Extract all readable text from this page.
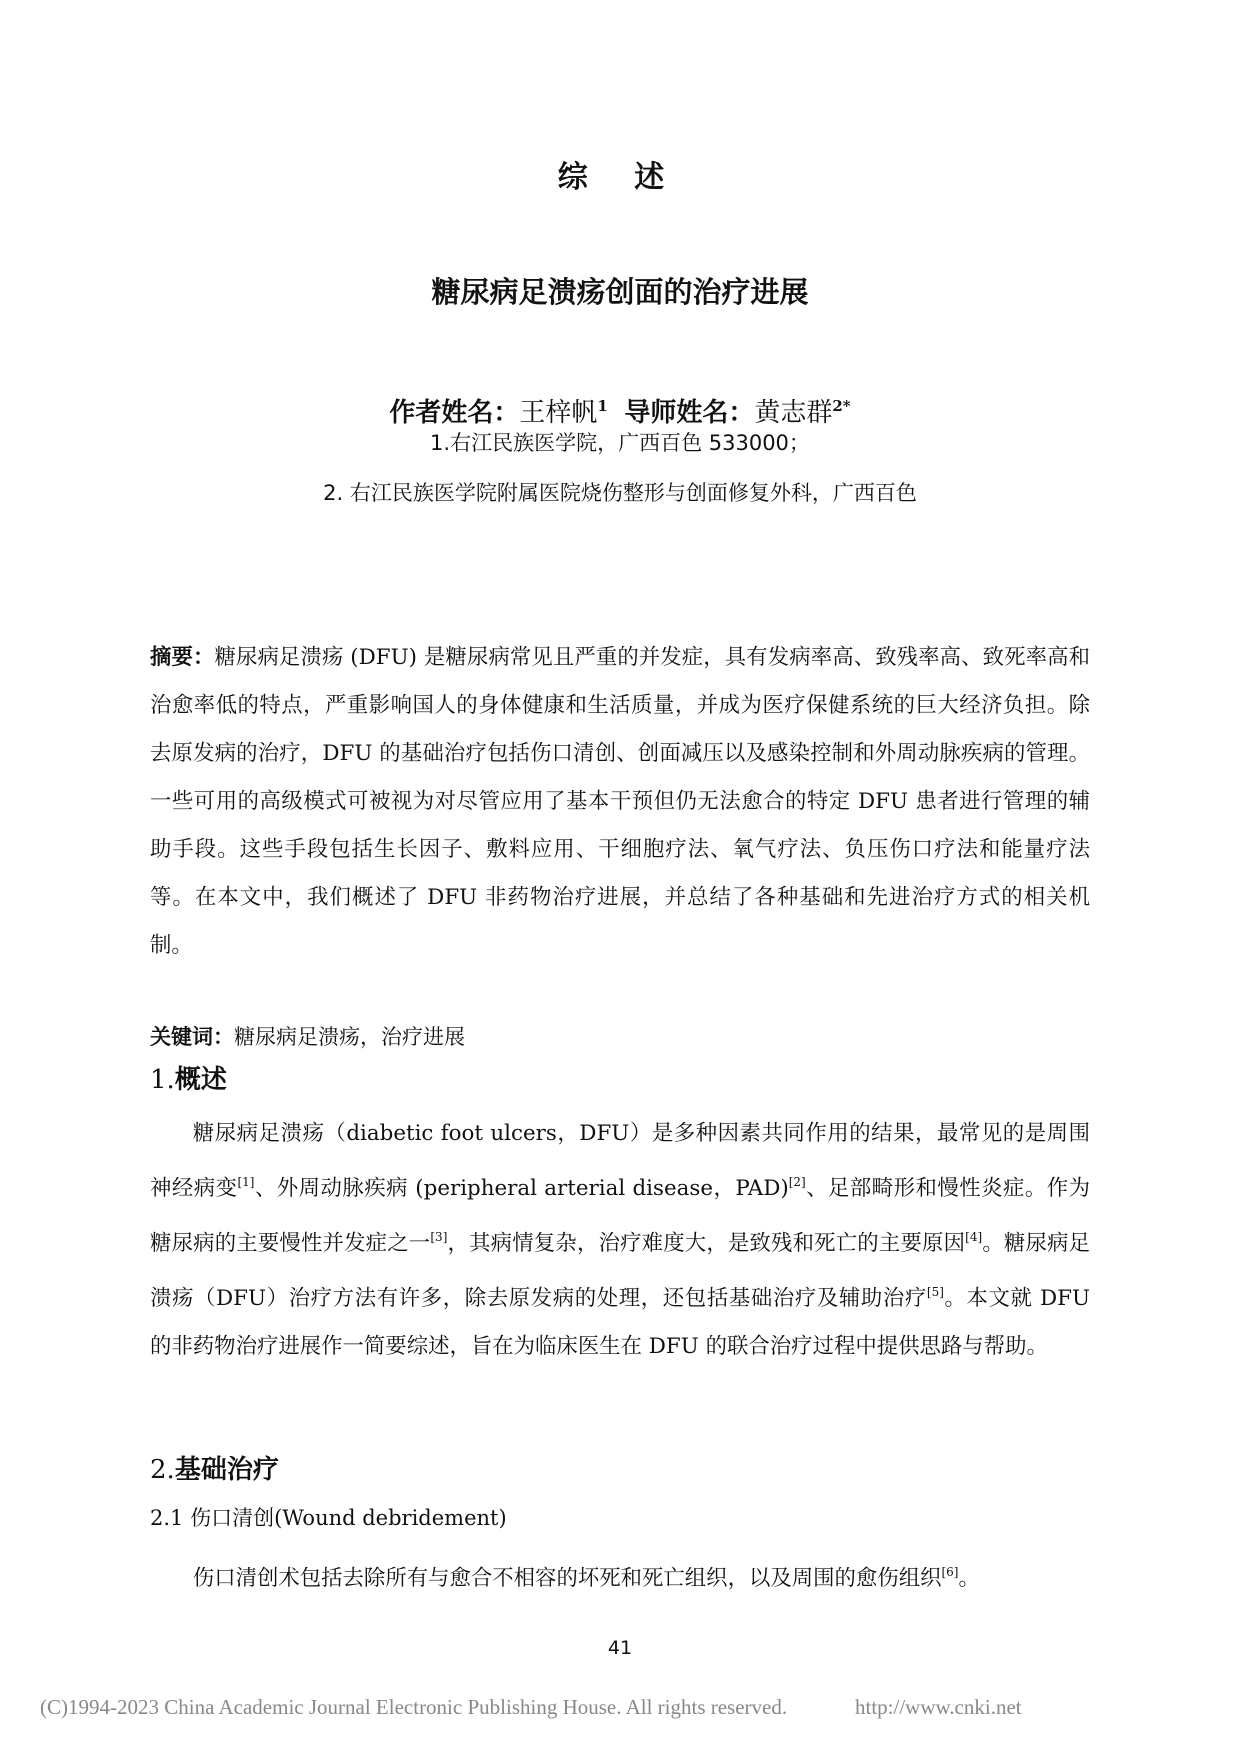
综 述
糖尿病足溃疡创面的治疗进展
作者姓名：王梓帆$^1$ 导师姓名：黄志群$^{2*}$
1.右江民族医学院，广西百色 533000；
2. 右江民族医学院附属医院烧伤整形与创面修复外科，广西百色
摘要：糖尿病足溃疡 (DFU) 是糖尿病常见且严重的并发症，具有发病率高、致残率高、致死率高和治愈率低的特点，严重影响国人的身体健康和生活质量，并成为医疗保健系统的巨大经济负担。除去原发病的治疗，DFU 的基础治疗包括伤口清创、创面减压以及感染控制和外周动脉疾病的管理。一些可用的高级模式可被视为对尽管应用了基本干预但仍无法愈合的特定 DFU 患者进行管理的辅助手段。这些手段包括生长因子、敷料应用、干细胞疗法、氧气疗法、负压伤口疗法和能量疗法等。在本文中，我们概述了 DFU 非药物治疗进展，并总结了各种基础和先进治疗方式的相关机制。
关键词：糖尿病足溃疡，治疗进展
1.概述
糖尿病足溃疡（diabetic foot ulcers，DFU）是多种因素共同作用的结果，最常见的是周围神经病变[1]、外周动脉疾病 (peripheral arterial disease，PAD)[2]、足部畸形和慢性炎症。作为糖尿病的主要慢性并发症之一[3]，其病情复杂，治疗难度大，是致残和死亡的主要原因[4]。糖尿病足溃疡（DFU）治疗方法有许多，除去原发病的处理，还包括基础治疗及辅助治疗[5]。本文就 DFU 的非药物治疗进展作一简要综述，旨在为临床医生在 DFU 的联合治疗过程中提供思路与帮助。
2.基础治疗
2.1 伤口清创(Wound debridement)
伤口清创术包括去除所有与愈合不相容的坏死和死亡组织，以及周围的愈伤组织[6]。
41
(C)1994-2023 China Academic Journal Electronic Publishing House. All rights reserved.	http://www.cnki.net
